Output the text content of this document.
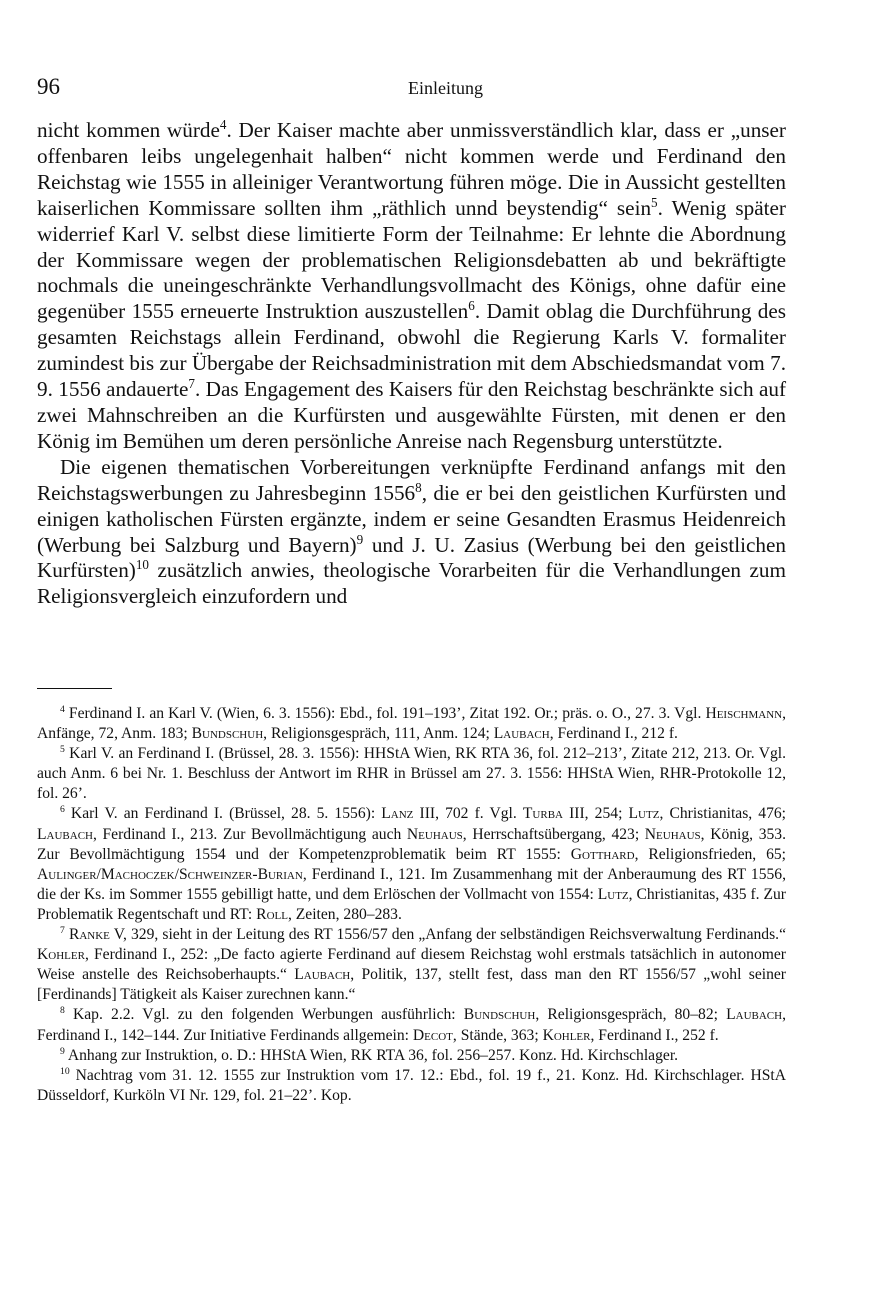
96	Einleitung

nicht kommen würde$^4$. Der Kaiser machte aber unmissverständlich klar, dass er „unser offenbaren leibs ungelegenhait halben“ nicht kommen werde und Ferdinand den Reichstag wie 1555 in alleiniger Verantwortung führen möge. Die in Aussicht gestellten kaiserlichen Kommissare sollten ihm „räthlich unnd beystendig“ sein$^5$. Wenig später widerrief Karl V. selbst diese limitierte Form der Teilnahme: Er lehnte die Abordnung der Kommissare wegen der problematischen Religionsdebatten ab und bekräftigte nochmals die uneingeschränkte Verhandlungsvollmacht des Königs, ohne dafür eine gegenüber 1555 erneuerte Instruktion auszustellen$^6$. Damit oblag die Durchführung des gesamten Reichstags allein Ferdinand, obwohl die Regierung Karls V. formaliter zumindest bis zur Übergabe der Reichsadministration mit dem Abschiedsmandat vom 7. 9. 1556 andauerte$^7$. Das Engagement des Kaisers für den Reichstag beschränkte sich auf zwei Mahnschreiben an die Kurfürsten und ausgewählte Fürsten, mit denen er den König im Bemühen um deren persönliche Anreise nach Regensburg unterstützte.

Die eigenen thematischen Vorbereitungen verknüpfte Ferdinand anfangs mit den Reichstagswerbungen zu Jahresbeginn 1556$^8$, die er bei den geistlichen Kurfürsten und einigen katholischen Fürsten ergänzte, indem er seine Gesandten Erasmus Heidenreich (Werbung bei Salzburg und Bayern)$^9$ und J. U. Zasius (Werbung bei den geistlichen Kurfürsten)$^{10}$ zusätzlich anwies, theologische Vorarbeiten für die Verhandlungen zum Religionsvergleich einzufordern und

$^4$ Ferdinand I. an Karl V. (Wien, 6. 3. 1556): Ebd., fol. 191–193’, Zitat 192. Or.; präs. o. O., 27. 3. Vgl. Heischmann, Anfänge, 72, Anm. 183; Bundschuh, Religionsgespräch, 111, Anm. 124; Laubach, Ferdinand I., 212 f.

$^5$ Karl V. an Ferdinand I. (Brüssel, 28. 3. 1556): HHStA Wien, RK RTA 36, fol. 212–213’, Zitate 212, 213. Or. Vgl. auch Anm. 6 bei Nr. 1. Beschluss der Antwort im RHR in Brüssel am 27. 3. 1556: HHStA Wien, RHR-Protokolle 12, fol. 26’.

$^6$ Karl V. an Ferdinand I. (Brüssel, 28. 5. 1556): Lanz III, 702 f. Vgl. Turba III, 254; Lutz, Christianitas, 476; Laubach, Ferdinand I., 213. Zur Bevollmächtigung auch Neuhaus, Herrschaftsübergang, 423; Neuhaus, König, 353. Zur Bevollmächtigung 1554 und der Kompetenzproblematik beim RT 1555: Gotthard, Religionsfrieden, 65; Aulinger/Machoczek/Schweinzer-Burian, Ferdinand I., 121. Im Zusammenhang mit der Anberaumung des RT 1556, die der Ks. im Sommer 1555 gebilligt hatte, und dem Erlöschen der Vollmacht von 1554: Lutz, Christianitas, 435 f. Zur Problematik Regentschaft und RT: Roll, Zeiten, 280–283.

$^7$ Ranke V, 329, sieht in der Leitung des RT 1556/57 den „Anfang der selbständigen Reichsverwaltung Ferdinands.“ Kohler, Ferdinand I., 252: „De facto agierte Ferdinand auf diesem Reichstag wohl erstmals tatsächlich in autonomer Weise anstelle des Reichsoberhaupts.“ Laubach, Politik, 137, stellt fest, dass man den RT 1556/57 „wohl seiner [Ferdinands] Tätigkeit als Kaiser zurechnen kann.“

$^8$ Kap. 2.2. Vgl. zu den folgenden Werbungen ausführlich: Bundschuh, Religionsgespräch, 80–82; Laubach, Ferdinand I., 142–144. Zur Initiative Ferdinands allgemein: Decot, Stände, 363; Kohler, Ferdinand I., 252 f.

$^9$ Anhang zur Instruktion, o. D.: HHStA Wien, RK RTA 36, fol. 256–257. Konz. Hd. Kirchschlager.

$^{10}$ Nachtrag vom 31. 12. 1555 zur Instruktion vom 17. 12.: Ebd., fol. 19 f., 21. Konz. Hd. Kirchschlager. HStA Düsseldorf, Kurköln VI Nr. 129, fol. 21–22’. Kop.
